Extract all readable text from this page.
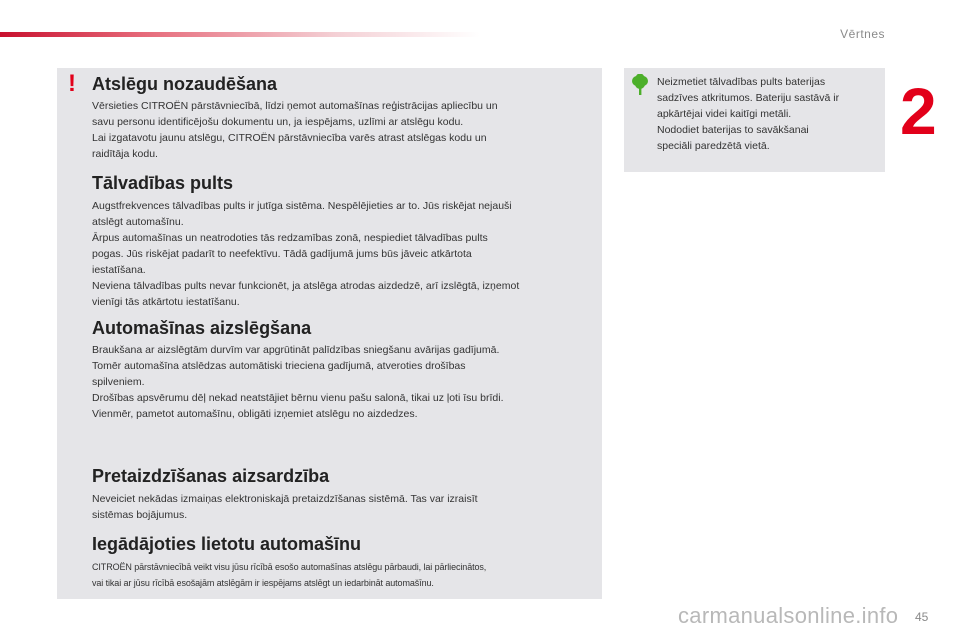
Vērtnes
2
! Atslēgu nozaudēšana
Vērsieties CITROËN pārstāvniecībā, līdzi ņemot automašīnas reģistrācijas apliecību un
savu personu identificējošu dokumentu un, ja iespējams, uzlīmi ar atslēgu kodu.
Lai izgatavotu jaunu atslēgu, CITROËN pārstāvniecība varēs atrast atslēgas kodu un
raidītāja kodu.
Tālvadības pults
Augstfrekvences tālvadības pults ir jutīga sistēma. Nespēlējieties ar to. Jūs riskējat nejauši
atslēgt automašīnu.
Ārpus automašīnas un neatrodoties tās redzamības zonā, nespiediet tālvadības pults
pogas. Jūs riskējat padarīt to neefektīvu. Tādā gadījumā jums būs jāveic atkārtota
iestatīšana.
Neviena tālvadības pults nevar funkcionēt, ja atslēga atrodas aizdedzē, arī izslēgtā, izņemot
vienīgi tās atkārtotu iestatīšanu.
Automašīnas aizslēgšana
Braukšana ar aizslēgtām durvīm var apgrūtināt palīdzības sniegšanu avārijas gadījumā.
Tomēr automašīna atslēdzas automātiski trieciena gadījumā, atveroties drošības
spilveniem.
Drošības apsvērumu dēļ nekad neatstājiet bērnu vienu pašu salonā, tikai uz ļoti īsu brīdi.
Vienmēr, pametot automašīnu, obligāti izņemiet atslēgu no aizdedzes.
Pretaizdzīšanas aizsardzība
Neveiciet nekādas izmaiņas elektroniskajā pretaizdzīšanas sistēmā. Tas var izraisīt
sistēmas bojājumus.
Iegādājoties lietotu automašīnu
CITROËN pārstāvniecībā veikt visu jūsu rīcībā esošo automašīnas atslēgu pārbaudi, lai pārliecinātos,
vai tikai ar jūsu rīcībā esošajām atslēgām ir iespējams atslēgt un iedarbināt automašīnu.
Neizmetiet tālvadības pults baterijas
sadzīves atkritumos. Bateriju sastāvā ir
apkārtējai videi kaitīgi metāli.
Nododiet baterijas to savākšanai
speciāli paredzētā vietā.
carmanualsonline.info 45
